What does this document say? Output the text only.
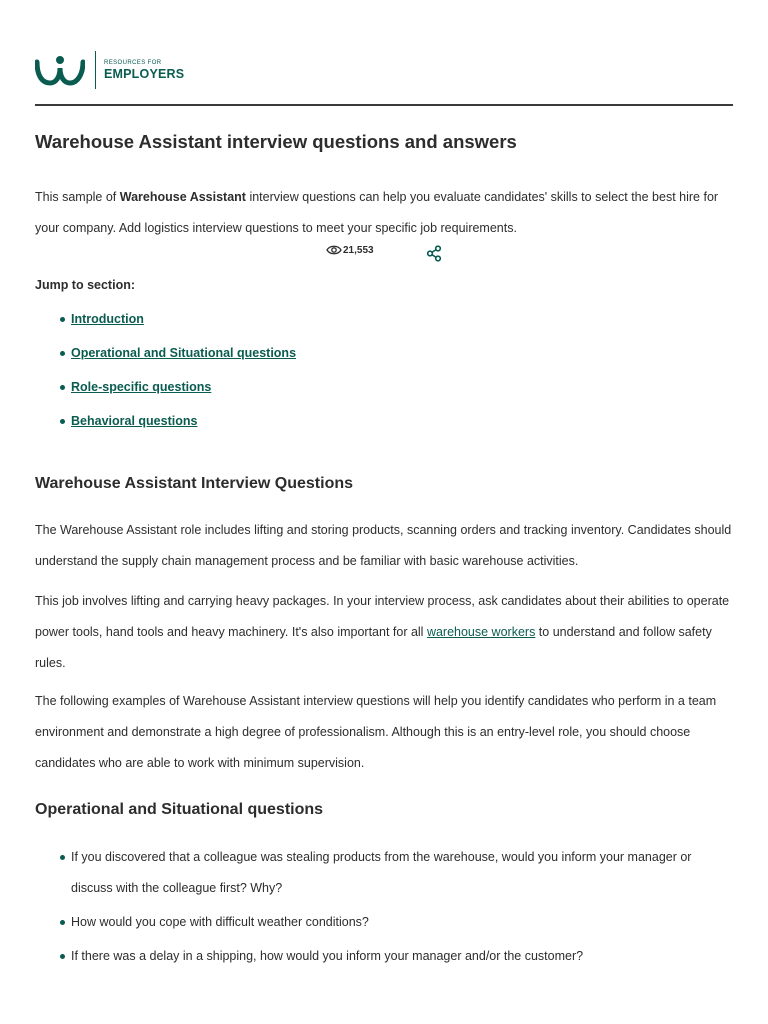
RESOURCES FOR
EMPLOYERS
Warehouse Assistant interview questions and answers

This sample of Warehouse Assistant interview questions can help you evaluate candidates' skills to select the best hire for your company. Add logistics interview questions to meet your specific job requirements.

21,553
Jump to section:
Introduction
Operational and Situational questions
Role-specific questions
Behavioral questions
Warehouse Assistant Interview Questions

The Warehouse Assistant role includes lifting and storing products, scanning orders and tracking inventory. Candidates should understand the supply chain management process and be familiar with basic warehouse activities.

This job involves lifting and carrying heavy packages. In your interview process, ask candidates about their abilities to operate power tools, hand tools and heavy machinery. It's also important for all warehouse workers to understand and follow safety rules.

The following examples of Warehouse Assistant interview questions will help you identify candidates who perform in a team environment and demonstrate a high degree of professionalism. Although this is an entry-level role, you should choose candidates who are able to work with minimum supervision.

Operational and Situational questions
If you discovered that a colleague was stealing products from the warehouse, would you inform your manager or discuss with the colleague first? Why?
How would you cope with difficult weather conditions?
If there was a delay in a shipping, how would you inform your manager and/or the customer?
